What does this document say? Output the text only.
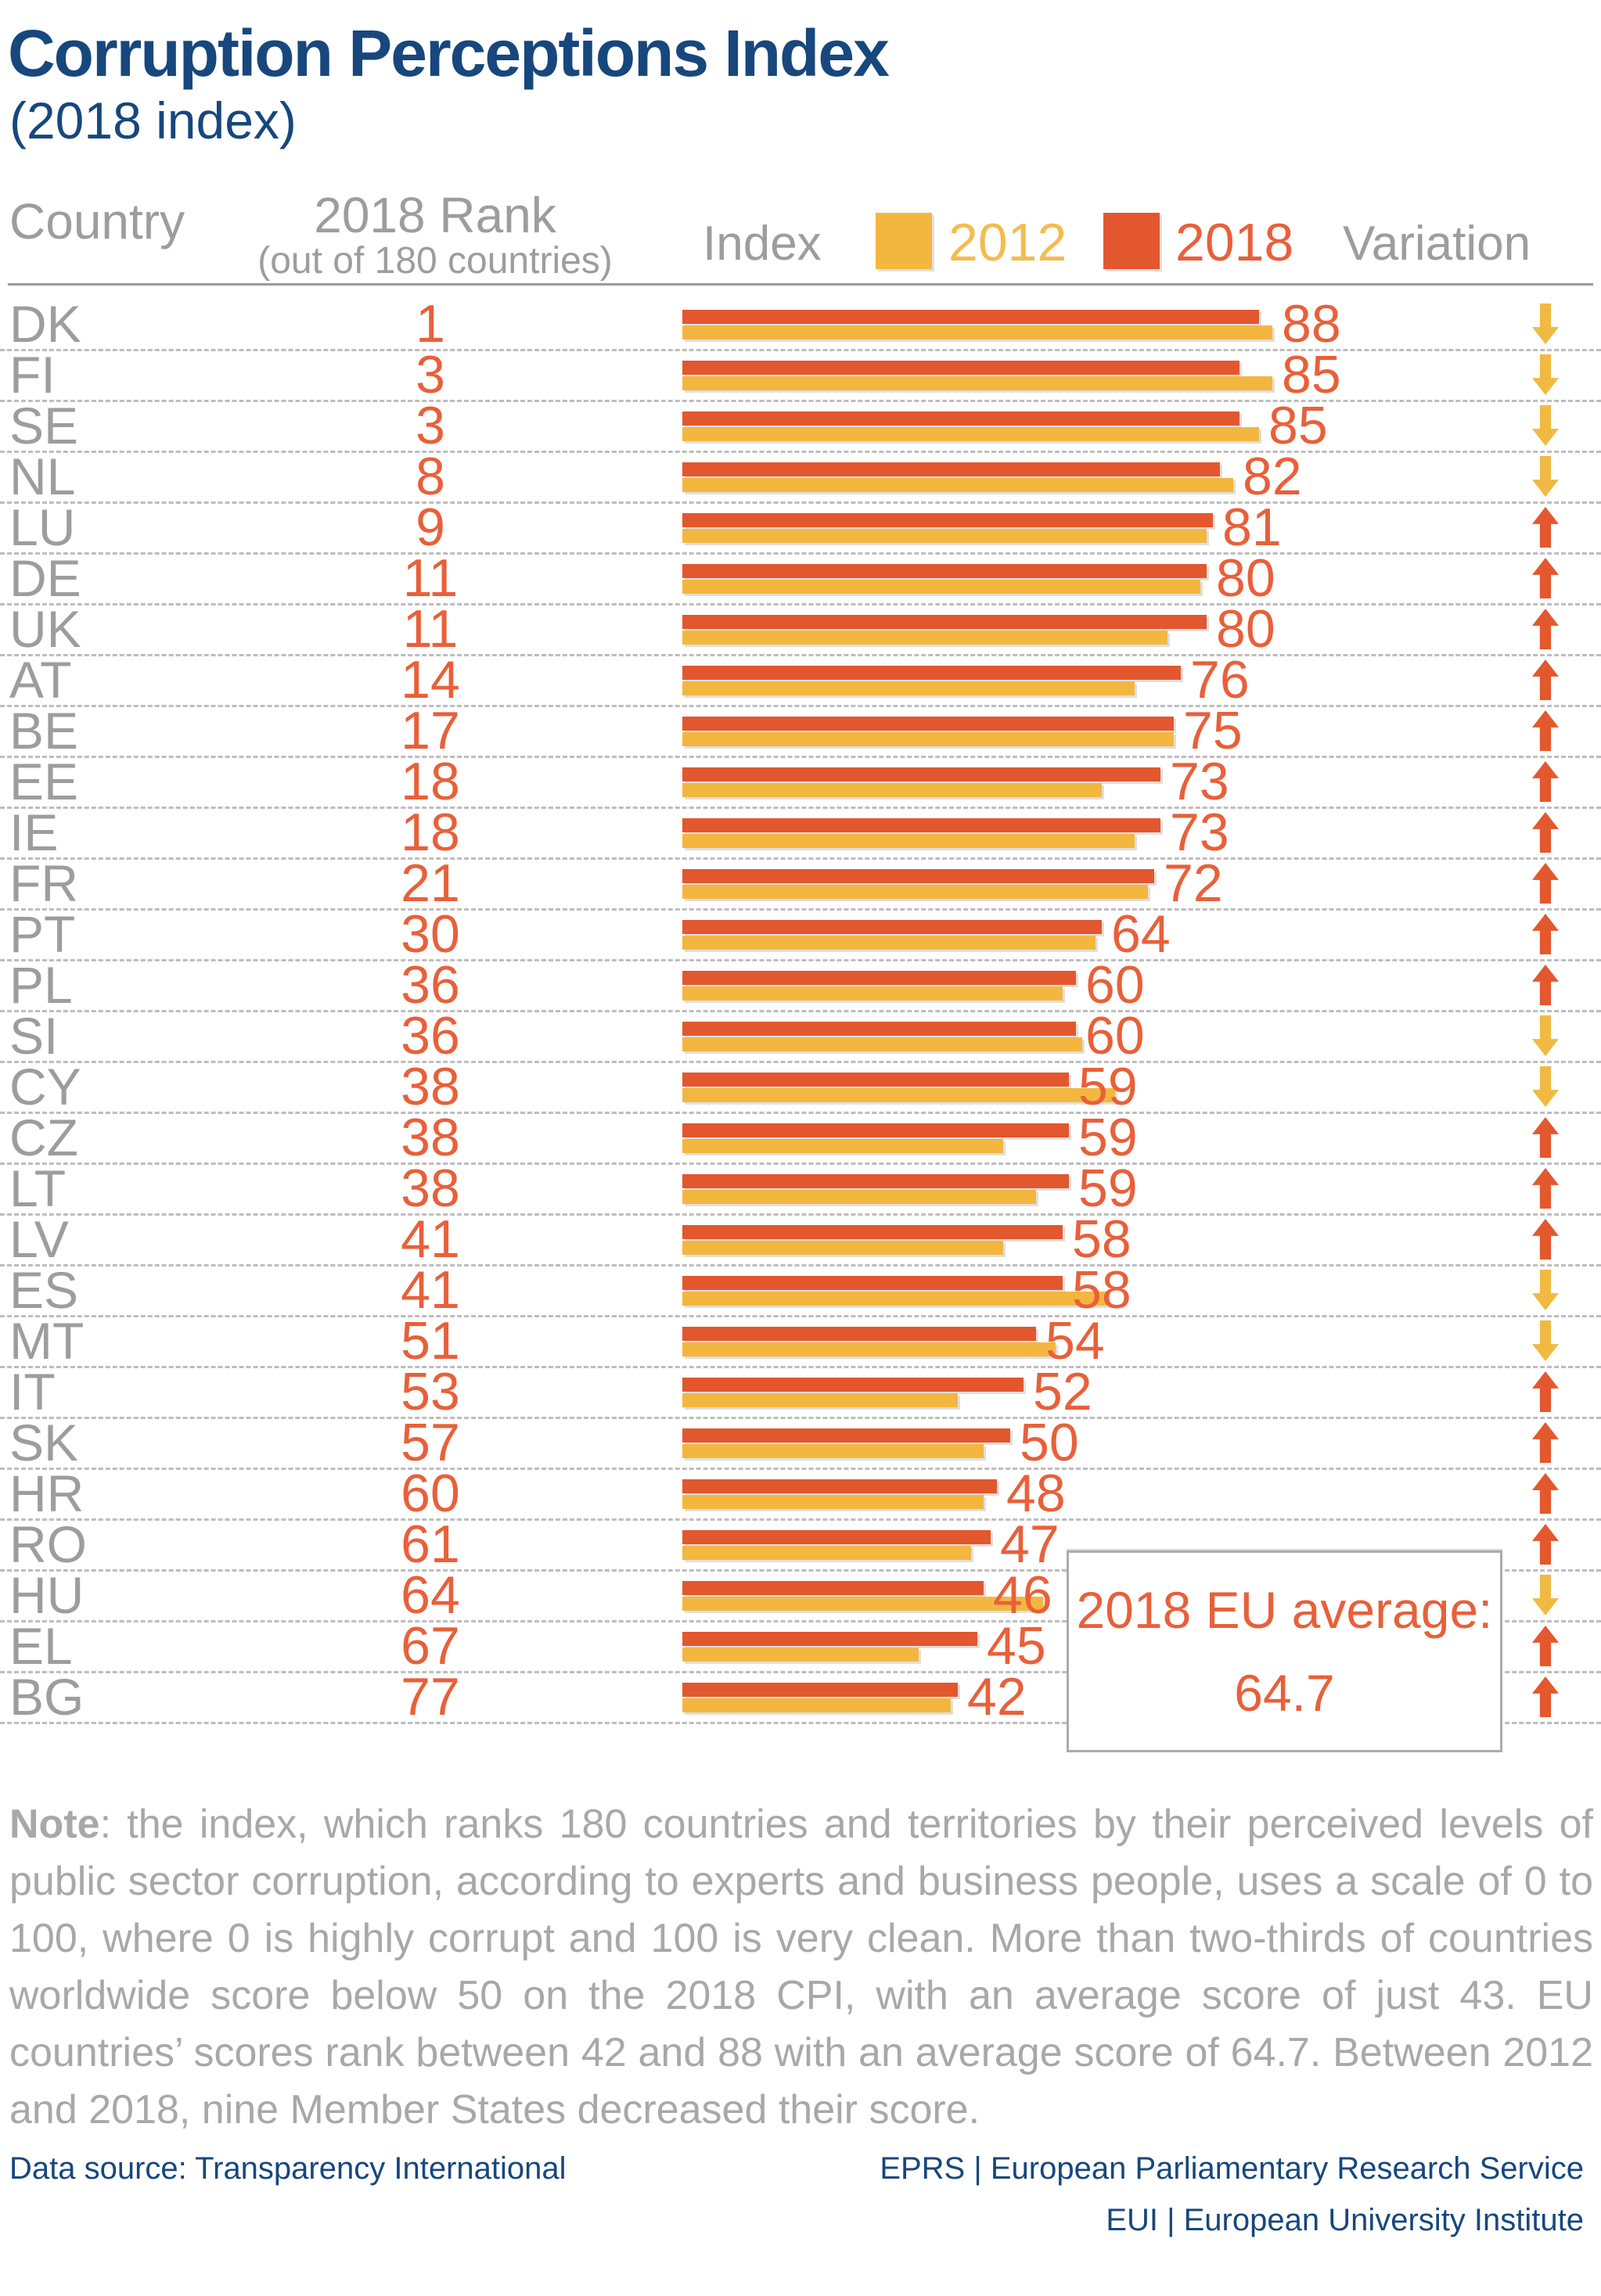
Corruption Perceptions Index
(2018 index)
Country	2018 Rank
(out of 180 countries)	Index 2012 2018 Variation
DK	1	88
FI	3	85
SE	3	85
NL	8	82
LU	9	81
DE	11	80
UK	11	80
AT	14	76
BE	17	75
EE	18	73
IE	18	73
FR	21	72
PT	30	64
PL	36	60
SI	36	60
CY	38	59
CZ	38	59
LT	38	59
LV	41	58
ES	41	58
MT	51	54
IT	53	52
SK	57	50
HR	60	48
RO	61	47
HU	64	46
EL	67	45
BG	77	42
2018 EU average:
64.7
Note: the index, which ranks 180 countries and territories by their perceived levels of public sector corruption, according to experts and business people, uses a scale of 0 to 100, where 0 is highly corrupt and 100 is very clean. More than two-thirds of countries worldwide score below 50 on the 2018 CPI, with an average score of just 43. EU countries’ scores rank between 42 and 88 with an average score of 64.7. Between 2012 and 2018, nine Member States decreased their score.
Data source: Transparency International	EPRS | European Parliamentary Research Service
EUI | European University Institute
